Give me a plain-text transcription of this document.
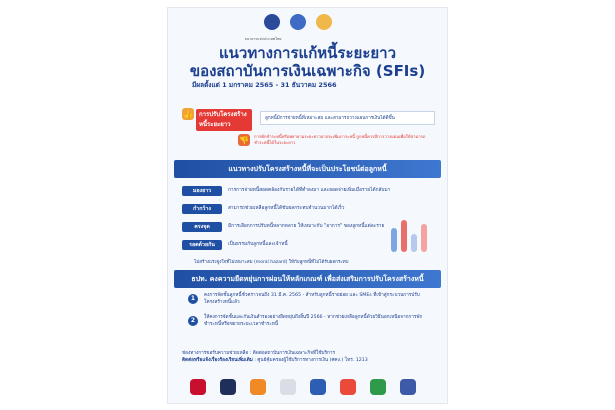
ธนาคารแห่งประเทศไทย
แนวทางการแก้หนี้ระยะยาว
ของสถาบันการเงินเฉพาะกิจ (SFIs)
มีผลตั้งแต่ 1 มกราคม 2565 - 31 ธันวาคม 2566
👍	การปรับโครงสร้างหนี้ระยะยาว
ลูกหนี้มีการจ่ายหนี้ที่เหมาะสม และสามารถวางแผนการเงินได้ดีขึ้น
👎 การพักชำระหนี้หรือพยายามระยะยาวอาจจะเพิ่มภาระหนี้ ลูกหนี้ควรมีการวางแผนเพื่อให้สามารถชำระหนี้ได้ในระยะยาว
แนวทางปรับโครงสร้างหนี้ที่จะเป็นประโยชน์ต่อลูกหนี้
มองยาว	การการจ่ายหนี้สอดคล้องกับรายได้ที่ต่ำลงมา และยอดจ่ายเพิ่มเมื่อรายได้กลับมา
กำกว้าง	สามารถช่วยเหลือลูกหนี้ได้ขับผลกระทบจำนวนมากได้เร็ว
ครงจุด	มีการเลือกการปรับหนี้หลากหลาย ให้เหมาะกับ "อาการ" ของลูกหนี้แต่ละราย
รอดด้วยกัน	เป็นธรรมกับลูกหนี้และเจ้าหนี้
ไม่สร้างแรงจูงใจที่ไม่เหมาะสม (moral hazard) ให้กับลูกหนี้ที่ไม่ได้รับผลกระทบ
ธปท. คงความยืดหยุ่นการผ่อนให้หลักเกณฑ์ เพื่อส่งเสริมการปรับโครงสร้างหนี้
1	คงการจัดชั้นลูกหนี้ชั่วคราวจนถึง 31 มี.ค. 2565 - สำหรับลูกหนี้รายย่อย และ SMEs ที่เข้าสู่กระบวนการปรับโครงสร้างหนี้แล้ว
2	ให้คงการจัดชั้นและกันเงินสำรองอย่างยืดหยุ่นถึงสิ้นปี 2566 - หากช่วยเหลือลูกหนี้ด้วยวิธีนอกเหนือจากการพักชำระหนี้หรือขยายระยะเวลาชำระหนี้
ช่องทางการขอรับความช่วยเหลือ : ติดต่อสถาบันการเงินเฉพาะกิจที่ใช้บริการ
ติดต่อหรือแจ้งเรื่องร้องเรียนเพิ่มเติม : ศูนย์คุ้มครองผู้ใช้บริการทางการเงิน (ศคง.) โทร. 1213
